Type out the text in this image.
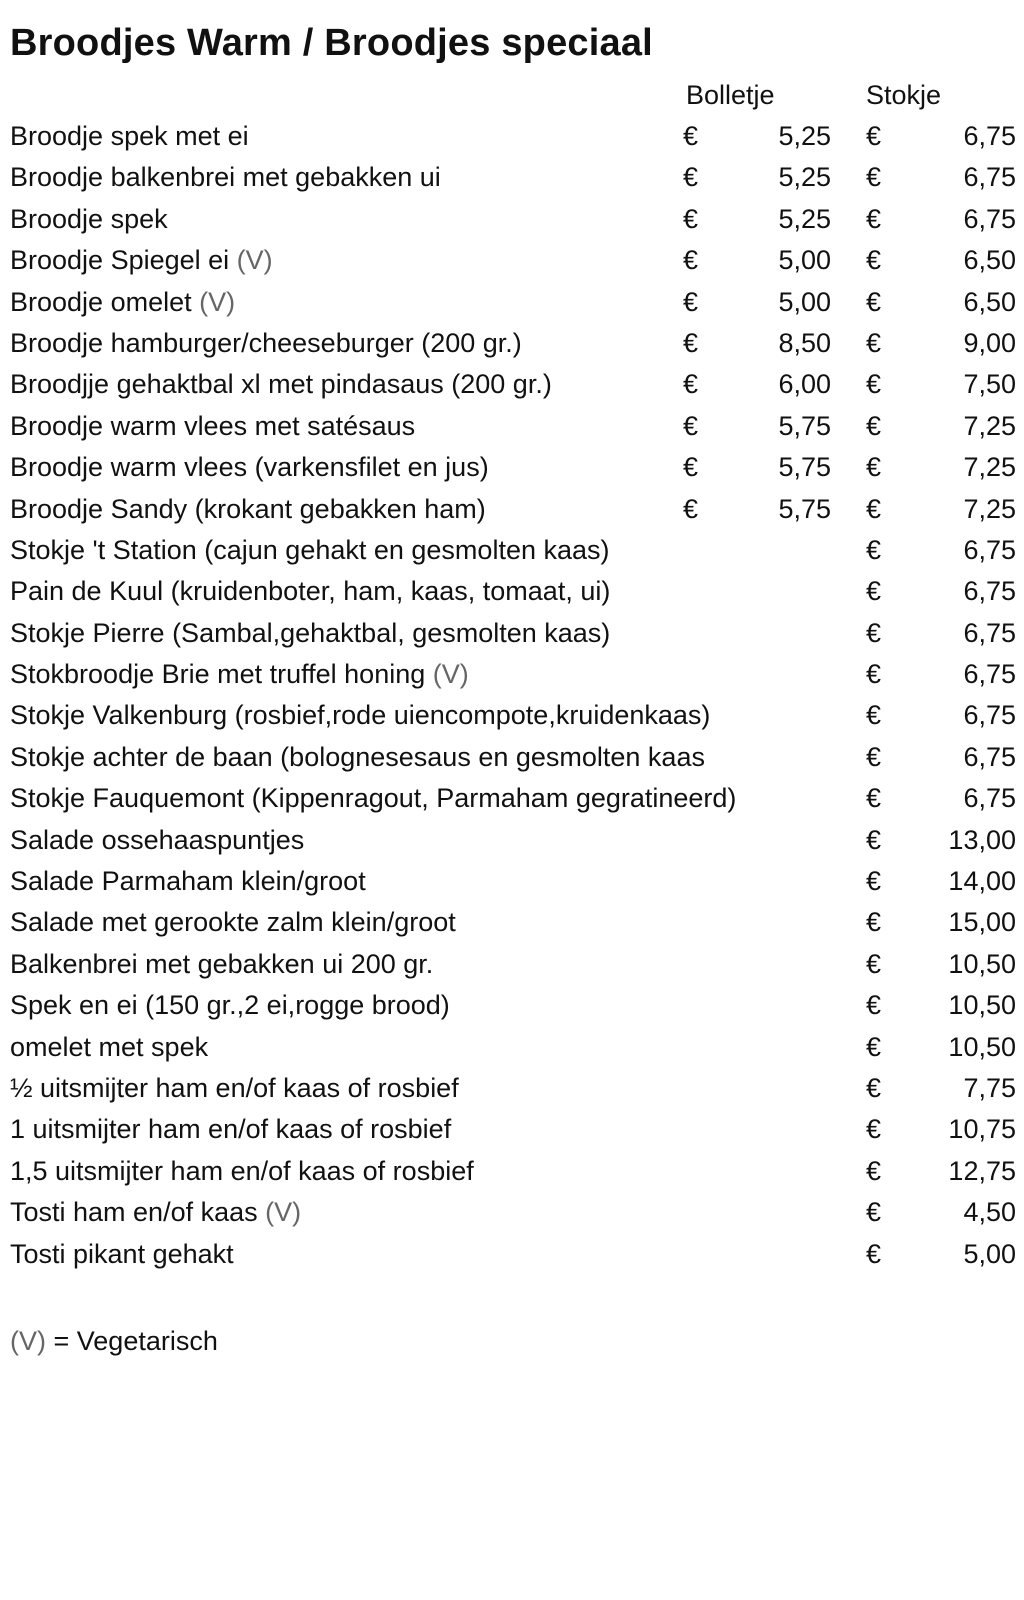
Broodjes Warm / Broodjes speciaal
Bolletje	Stokje
Broodje spek met ei	€	5,25 €	6,75
Broodje balkenbrei met gebakken ui	€	5,25 €	6,75
Broodje spek	€	5,25 €	6,75
Broodje Spiegel ei (V)	€	5,00 €	6,50
Broodje omelet (V)	€	5,00 €	6,50
Broodje hamburger/cheeseburger (200 gr.)	€	8,50 €	9,00
Broodjje gehaktbal xl met pindasaus (200 gr.)	€	6,00 €	7,50
Broodje warm vlees met satésaus	€	5,75 €	7,25
Broodje warm vlees (varkensfilet en jus)	€	5,75 €	7,25
Broodje Sandy (krokant gebakken ham)	€	5,75 €	7,25
Stokje 't Station (cajun gehakt en gesmolten kaas)	€	6,75
Pain de Kuul (kruidenboter, ham, kaas, tomaat, ui)	€	6,75
Stokje Pierre (Sambal,gehaktbal, gesmolten kaas)	€	6,75
Stokbroodje Brie met truffel honing (V)	€	6,75
Stokje Valkenburg (rosbief,rode uiencompote,kruidenkaas)	€	6,75
Stokje achter de baan (bolognesesaus en gesmolten kaas	€	6,75
Stokje Fauquemont (Kippenragout, Parmaham gegratineerd)	€	6,75
Salade ossehaaspuntjes	€ 13,00
Salade Parmaham klein/groot	€ 14,00
Salade met gerookte zalm klein/groot	€ 15,00
Balkenbrei met gebakken ui 200 gr.	€ 10,50
Spek en ei (150 gr.,2 ei,rogge brood)	€ 10,50
omelet met spek	€ 10,50
½ uitsmijter ham en/of kaas of rosbief	€	7,75
1 uitsmijter ham en/of kaas of rosbief	€ 10,75
1,5 uitsmijter ham en/of kaas of rosbief	€ 12,75
Tosti ham en/of kaas (V)	€	4,50
Tosti pikant gehakt	€	5,00
(V) = Vegetarisch
